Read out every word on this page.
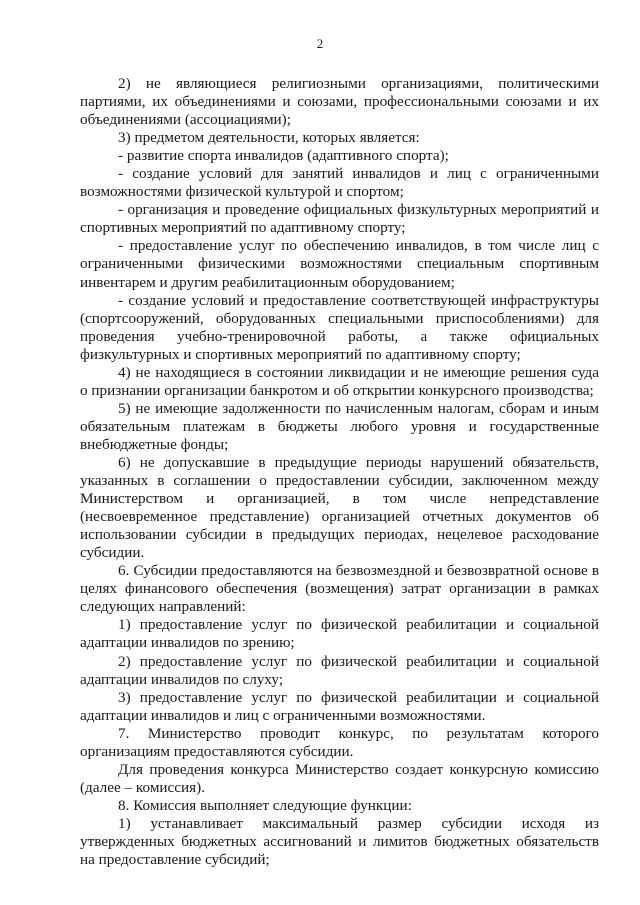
2

2) не являющиеся религиозными организациями, политическими партиями, их объединениями и союзами, профессиональными союзами и их объединениями (ассоциациями);

3) предметом деятельности, которых является:

- развитие спорта инвалидов (адаптивного спорта);

- создание условий для занятий инвалидов и лиц с ограниченными возможностями физической культурой и спортом;

- организация и проведение официальных физкультурных мероприятий и спортивных мероприятий по адаптивному спорту;

- предоставление услуг по обеспечению инвалидов, в том числе лиц с ограниченными физическими возможностями специальным спортивным инвентарем и другим реабилитационным оборудованием;

- создание условий и предоставление соответствующей инфраструктуры (спортсооружений, оборудованных специальными приспособлениями) для проведения учебно-тренировочной работы, а также официальных физкультурных и спортивных мероприятий по адаптивному спорту;

4) не находящиеся в состоянии ликвидации и не имеющие решения суда о признании организации банкротом и об открытии конкурсного производства;

5) не имеющие задолженности по начисленным налогам, сборам и иным обязательным платежам в бюджеты любого уровня и государственные внебюджетные фонды;

6) не допускавшие в предыдущие периоды нарушений обязательств, указанных в соглашении о предоставлении субсидии, заключенном между Министерством и организацией, в том числе непредставление (несвоевременное представление) организацией отчетных документов об использовании субсидии в предыдущих периодах, нецелевое расходование субсидии.

6. Субсидии предоставляются на безвозмездной и безвозвратной основе в целях финансового обеспечения (возмещения) затрат организации в рамках следующих направлений:

1) предоставление услуг по физической реабилитации и социальной адаптации инвалидов по зрению;

2) предоставление услуг по физической реабилитации и социальной адаптации инвалидов по слуху;

3) предоставление услуг по физической реабилитации и социальной адаптации инвалидов и лиц с ограниченными возможностями.

7. Министерство проводит конкурс, по результатам которого организациям предоставляются субсидии.

Для проведения конкурса Министерство создает конкурсную комиссию (далее – комиссия).

8. Комиссия выполняет следующие функции:

1) устанавливает максимальный размер субсидии исходя из утвержденных бюджетных ассигнований и лимитов бюджетных обязательств на предоставление субсидий;
